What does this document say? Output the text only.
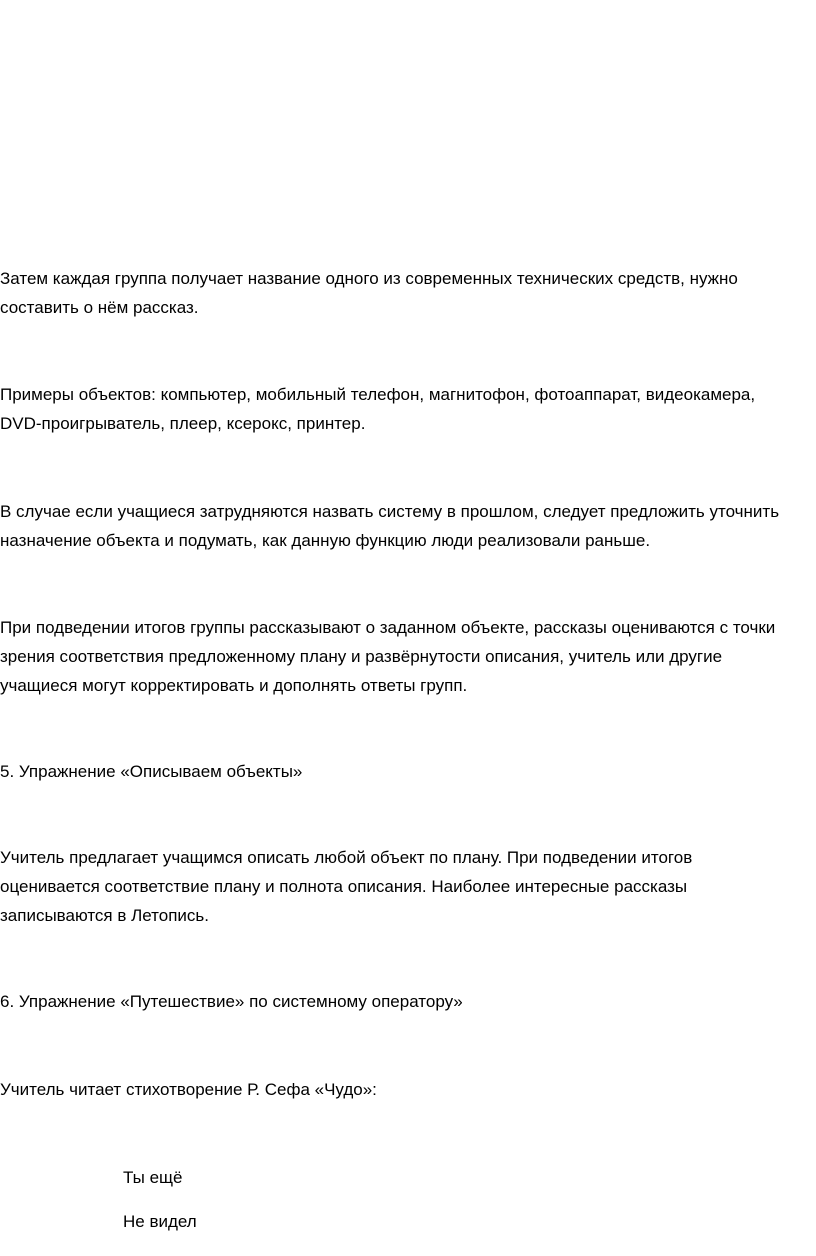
Затем каждая группа получает название одного из современных технических средств, нужно
составить о нём рассказ.

Примеры объектов: компьютер, мобильный телефон, магнитофон, фотоаппарат, видеокамера,
DVD-проигрыватель, плеер, ксерокс, принтер.

В случае если учащиеся затрудняются назвать систему в прошлом, следует предложить уточнить
назначение объекта и подумать, как данную функцию люди реализовали раньше.

При подведении итогов группы рассказывают о заданном объекте, рассказы оцениваются с точки
зрения соответствия предложенному плану и развёрнутости описания, учитель или другие
учащиеся могут корректировать и дополнять ответы групп.

5. Упражнение «Описываем объекты»

Учитель предлагает учащимся описать любой объект по плану. При подведении итогов
оценивается соответствие плану и полнота описания. Наиболее интересные рассказы
записываются в Летопись.

6. Упражнение «Путешествие» по системному оператору»

Учитель читает стихотворение Р. Сефа «Чудо»:

Ты ещё

Не видел
